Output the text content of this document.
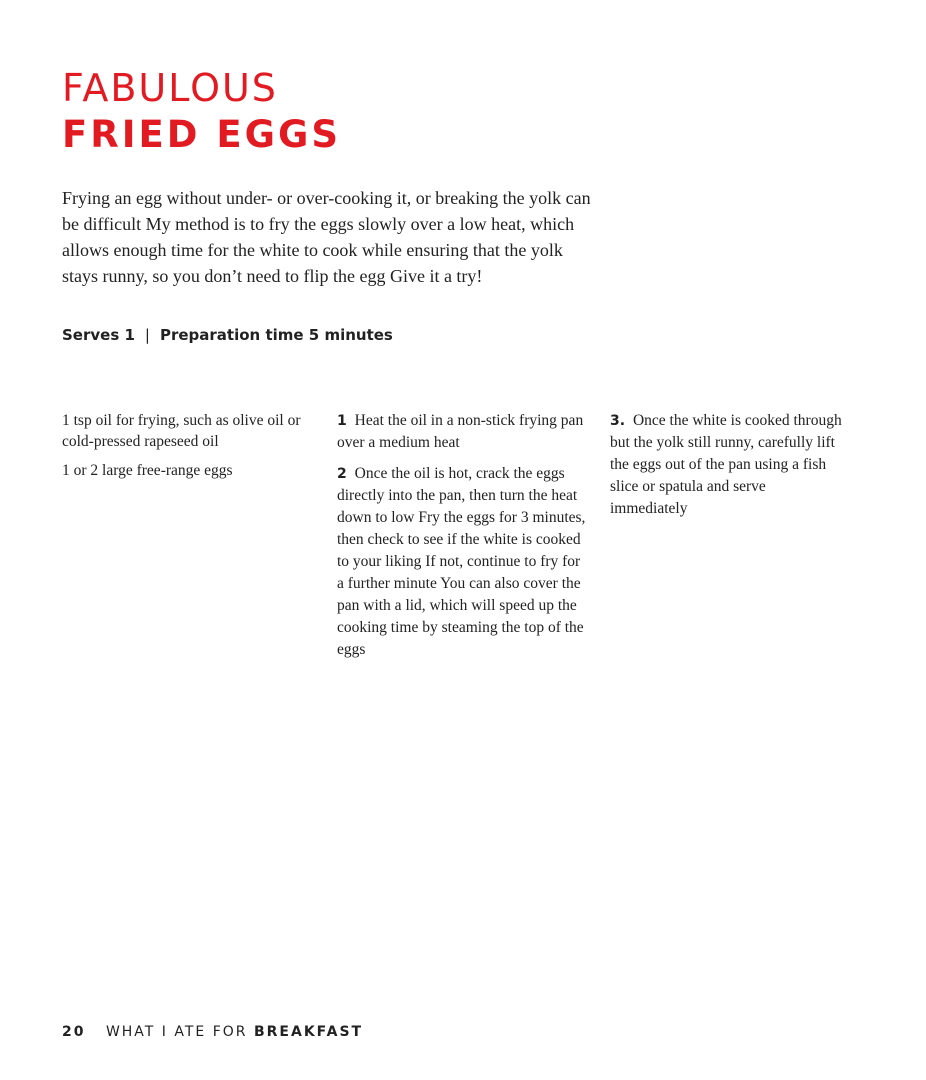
FABULOUS
FRIED EGGS
Frying an egg without under- or over-cooking it, or breaking the yolk can be difficult My method is to fry the eggs slowly over a low heat, which allows enough time for the white to cook while ensuring that the yolk stays runny, so you don’t need to flip the egg Give it a try!
Serves 1 | Preparation time 5 minutes

1 tsp oil for frying, such as olive oil or cold-pressed rapeseed oil

1 or 2 large free-range eggs

1 Heat the oil in a non-stick frying pan over a medium heat

2 Once the oil is hot, crack the eggs directly into the pan, then turn the heat down to low Fry the eggs for 3 minutes, then check to see if the white is cooked to your liking If not, continue to fry for a further minute You can also cover the pan with a lid, which will speed up the cooking time by steaming the top of the eggs

3. Once the white is cooked through but the yolk still runny, carefully lift the eggs out of the pan using a fish slice or spatula and serve immediately

20 WHAT I ATE FOR BREAKFAST
